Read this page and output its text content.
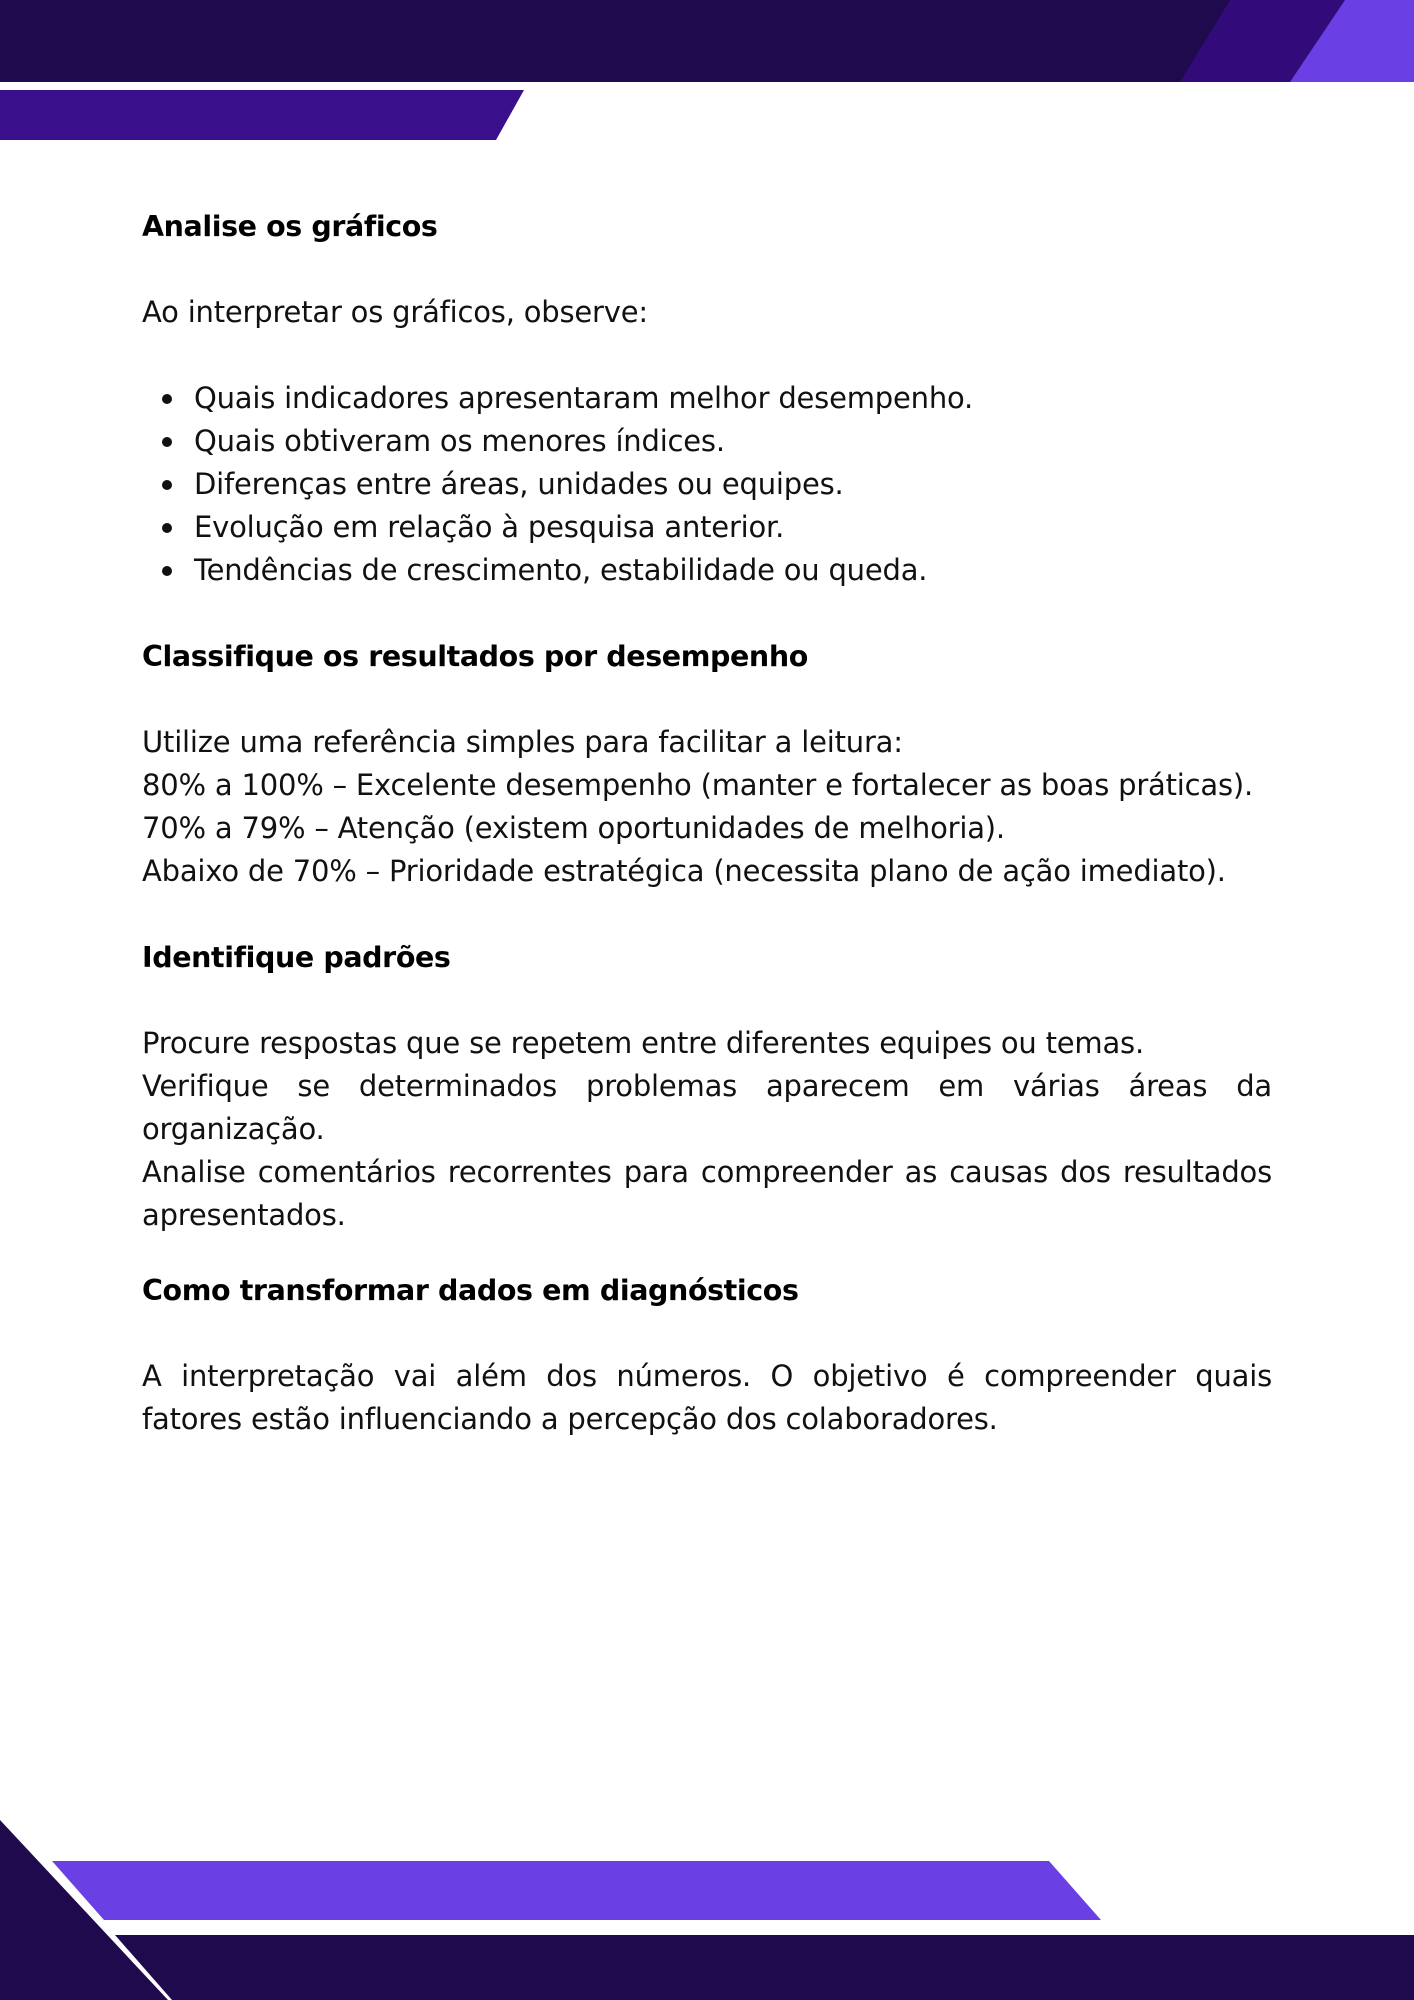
Analise os gráficos

Ao interpretar os gráficos, observe:

Quais indicadores apresentaram melhor desempenho.
Quais obtiveram os menores índices.
Diferenças entre áreas, unidades ou equipes.
Evolução em relação à pesquisa anterior.
Tendências de crescimento, estabilidade ou queda.
Classifique os resultados por desempenho

Utilize uma referência simples para facilitar a leitura:

80% a 100% – Excelente desempenho (manter e fortalecer as boas práticas).

70% a 79% – Atenção (existem oportunidades de melhoria).

Abaixo de 70% – Prioridade estratégica (necessita plano de ação imediato).

Identifique padrões

Procure respostas que se repetem entre diferentes equipes ou temas.

Verifique se determinados problemas aparecem em várias áreas da organização.

Analise comentários recorrentes para compreender as causas dos resultados apresentados.

Como transformar dados em diagnósticos

A interpretação vai além dos números. O objetivo é compreender quais fatores estão influenciando a percepção dos colaboradores.
